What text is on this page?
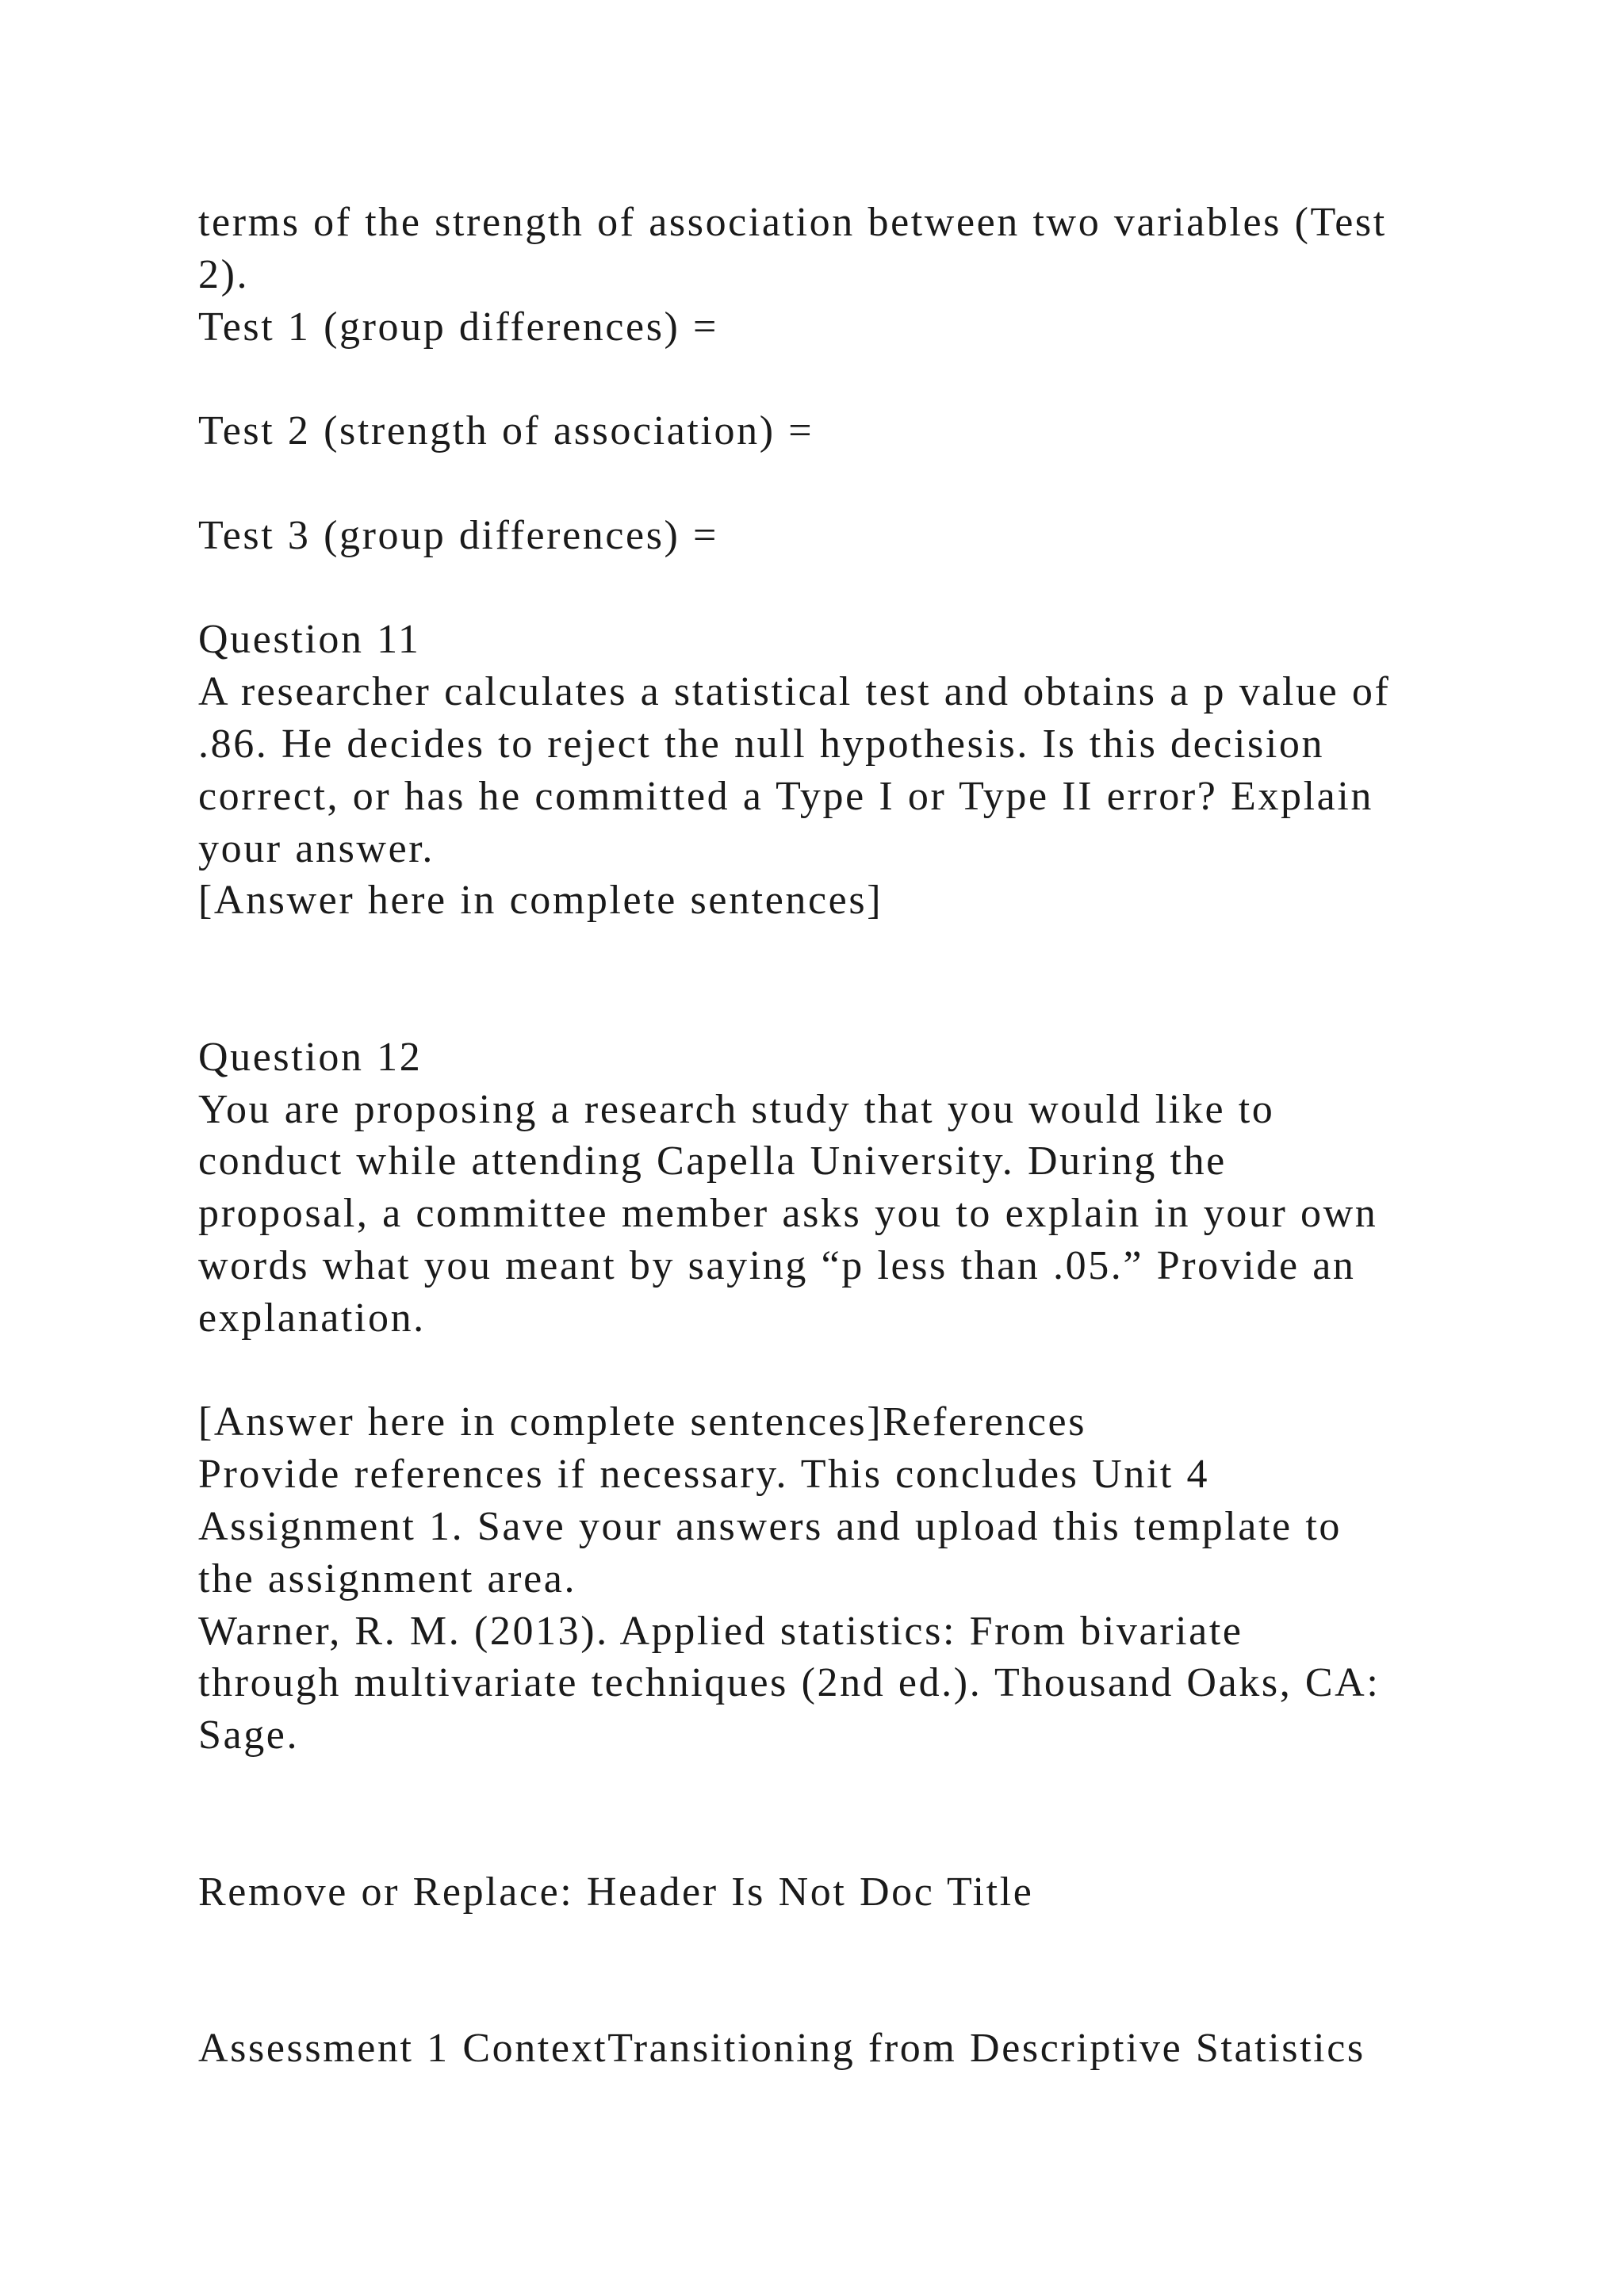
terms of the strength of association between two variables (Test
2).
Test 1 (group differences) =
Test 2 (strength of association) =
Test 3 (group differences) =
Question 11
A researcher calculates a statistical test and obtains a p value of
.86. He decides to reject the null hypothesis. Is this decision
correct, or has he committed a Type I or Type II error? Explain
your answer.
[Answer here in complete sentences]
Question 12
You are proposing a research study that you would like to
conduct while attending Capella University. During the
proposal, a committee member asks you to explain in your own
words what you meant by saying “p less than .05.” Provide an
explanation.
[Answer here in complete sentences]References
Provide references if necessary. This concludes Unit 4
Assignment 1. Save your answers and upload this template to
the assignment area.
Warner, R. M. (2013). Applied statistics: From bivariate
through multivariate techniques (2nd ed.). Thousand Oaks, CA:
Sage.
Remove or Replace: Header Is Not Doc Title
Assessment 1 ContextTransitioning from Descriptive Statistics
